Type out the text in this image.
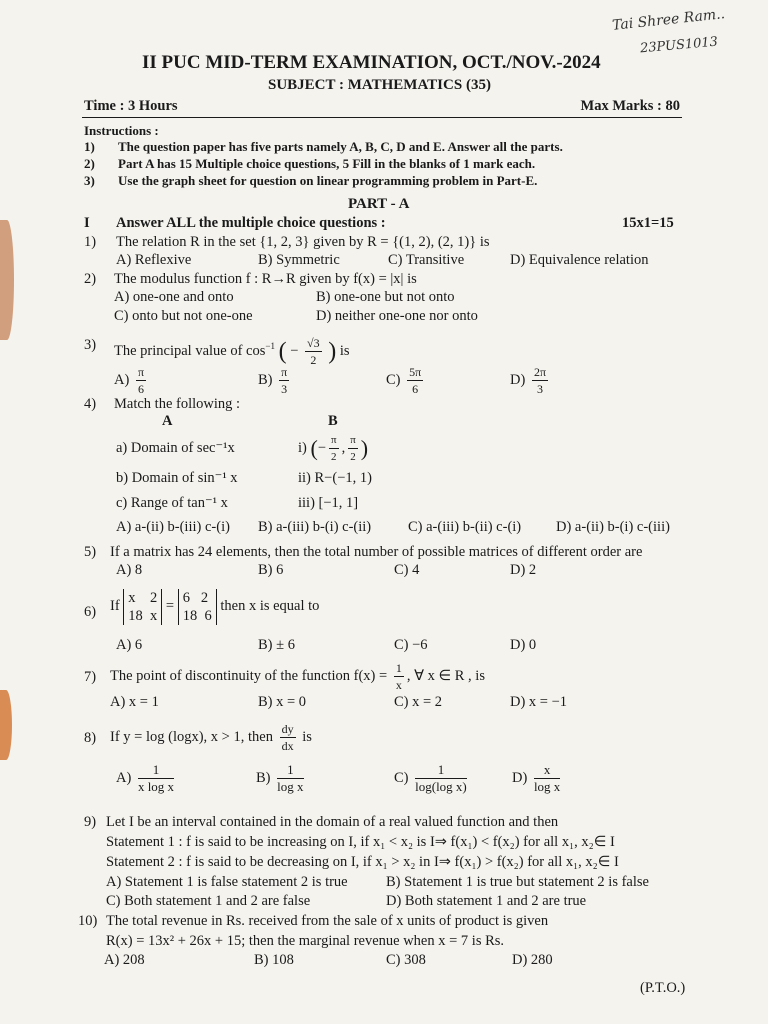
Tai Shree Ram..
23PUS1013
II PUC MID-TERM EXAMINATION, OCT./NOV.-2024
SUBJECT : MATHEMATICS (35)
Time : 3 Hours	Max Marks : 80
Instructions :
1) The question paper has five parts namely A, B, C, D and E. Answer all the parts.
2) Part A has 15 Multiple choice questions, 5 Fill in the blanks of 1 mark each.
3) Use the graph sheet for question on linear programming problem in Part-E.
PART - A
I Answer ALL the multiple choice questions :	15x1=15
1) The relation R in the set {1, 2, 3} given by R = {(1, 2), (2, 1)} is
A) Reflexive	B) Symmetric	C) Transitive	D) Equivalence relation
2) The modulus function f : R→R given by f(x) = |x| is
A) one-one and onto	B) one-one but not onto
C) onto but not one-one	D) neither one-one nor onto
3) The principal value of $\cos^{-1}$ ( − $\frac{√3}{2}$ ) is
$A) \frac{\pi}{6}$	$B) \frac{\pi}{3}$	$C) \frac{5\pi}{6}$	$D) \frac{2\pi}{3}$
4) Match the following :
A	B
a) Domain of sec⁻¹x	i) (− $\frac{\pi}{2}$ , $\frac{\pi}{2}$ )
b) Domain of sin⁻¹ x	ii) R−(−1, 1)
c) Range of tan⁻¹ x	iii) [−1, 1]
A) a-(ii) b-(iii) c-(i) B) a-(iii) b-(i) c-(ii)	C) a-(iii) b-(ii) c-(i) D) a-(ii) b-(i) c-(iii)
5) If a matrix has 24 elements, then the total number of possible matrices of different order are
A) 8	B) 6	C) 4	D) 2
6) If
x    2
18  x
=
6   2
18  6
then x is equal to
A) 6	B) ± 6	C) −6	D) 0
7) The point of discontinuity of the function $f(x) = \frac{1}{x}$ , ∀ x ∈ R , is
A) x = 1	B) x = 0	C) x = 2	D) x = −1
8) If y = log (logx), x > 1, then $\frac{dy}{dx}$ is
$A) \frac{1}{\text{x log x}}$	$B) \frac{1}{\text{log x}}$	$C) \frac{1}{\text{log(log x)}}$	$D) \frac{x}{\text{log x}}$
9) Let I be an interval contained in the domain of a real valued function and then
Statement 1 : f is said to be increasing on I, if x₁ < x₂ is I⇒ f(x₁) < f(x₂) for all x₁, x₂∈ I
Statement 2 : f is said to be decreasing on I, if x₁ > x₂ in I⇒ f(x₁) > f(x₂) for all x₁, x₂∈ I
A) Statement 1 is false statement 2 is true	B) Statement 1 is true but statement 2 is false
C) Both statement 1 and 2 are false	D) Both statement 1 and 2 are true
10) The total revenue in Rs. received from the sale of x units of product is given
R(x) = 13x² + 26x + 15; then the marginal revenue when x = 7 is Rs.
A) 208	B) 108	C) 308	D) 280
(P.T.O.)
